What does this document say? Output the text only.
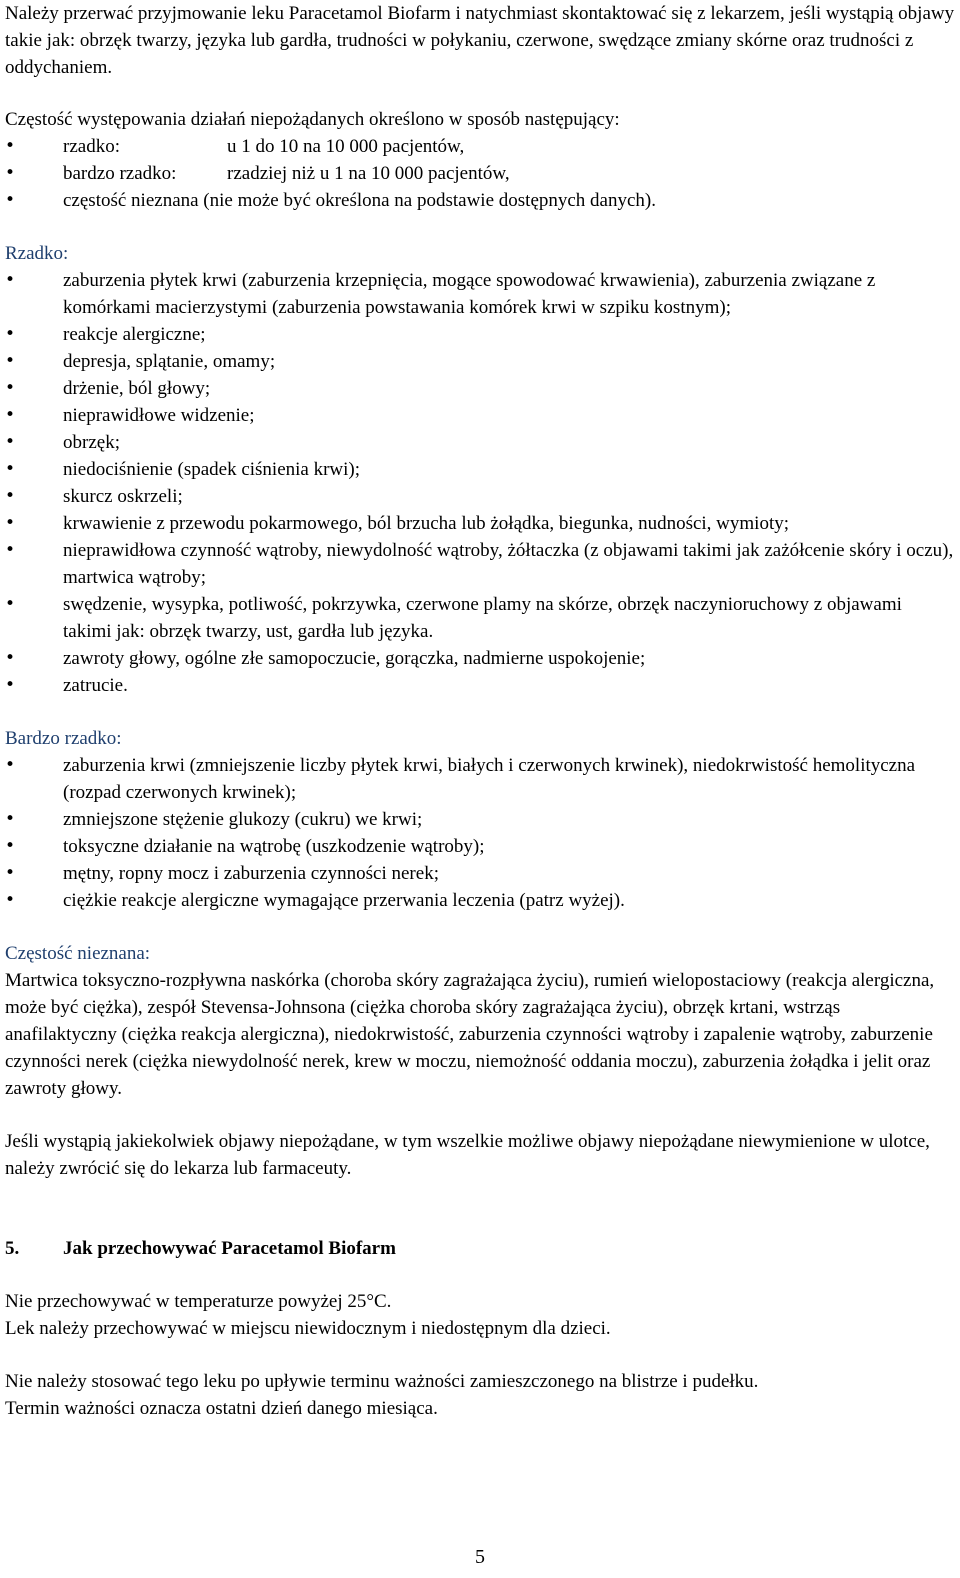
Należy przerwać przyjmowanie leku Paracetamol Biofarm i natychmiast skontaktować się z lekarzem, jeśli wystąpią objawy takie jak: obrzęk twarzy, języka lub gardła, trudności w połykaniu, czerwone, swędzące zmiany skórne oraz trudności z oddychaniem.

Częstość występowania działań niepożądanych określono w sposób następujący:

• rzadko:	u 1 do 10 na 10 000 pacjentów,
• bardzo rzadko:	rzadziej niż u 1 na 10 000 pacjentów,
• częstość nieznana (nie może być określona na podstawie dostępnych danych).

Rzadko:

• zaburzenia płytek krwi (zaburzenia krzepnięcia, mogące spowodować krwawienia), zaburzenia związane z komórkami macierzystymi (zaburzenia powstawania komórek krwi w szpiku kostnym);
• reakcje alergiczne;
• depresja, splątanie, omamy;
• drżenie, ból głowy;
• nieprawidłowe widzenie;
• obrzęk;
• niedociśnienie (spadek ciśnienia krwi);
• skurcz oskrzeli;
• krwawienie z przewodu pokarmowego, ból brzucha lub żołądka, biegunka, nudności, wymioty;
• nieprawidłowa czynność wątroby, niewydolność wątroby, żółtaczka (z objawami takimi jak zażółcenie skóry i oczu), martwica wątroby;
• swędzenie, wysypka, potliwość, pokrzywka, czerwone plamy na skórze, obrzęk naczynioruchowy z objawami takimi jak: obrzęk twarzy, ust, gardła lub języka.
• zawroty głowy, ogólne złe samopoczucie, gorączka, nadmierne uspokojenie;
• zatrucie.

Bardzo rzadko:

• zaburzenia krwi (zmniejszenie liczby płytek krwi, białych i czerwonych krwinek), niedokrwistość hemolityczna (rozpad czerwonych krwinek);
• zmniejszone stężenie glukozy (cukru) we krwi;
• toksyczne działanie na wątrobę (uszkodzenie wątroby);
• mętny, ropny mocz i zaburzenia czynności nerek;
• ciężkie reakcje alergiczne wymagające przerwania leczenia (patrz wyżej).

Częstość nieznana:

Martwica toksyczno-rozpływna naskórka (choroba skóry zagrażająca życiu), rumień wielopostaciowy (reakcja alergiczna, może być ciężka), zespół Stevensa-Johnsona (ciężka choroba skóry zagrażająca życiu), obrzęk krtani, wstrząs anafilaktyczny (ciężka reakcja alergiczna), niedokrwistość, zaburzenia czynności wątroby i zapalenie wątroby, zaburzenie czynności nerek (ciężka niewydolność nerek, krew w moczu, niemożność oddania moczu), zaburzenia żołądka i jelit oraz zawroty głowy.

Jeśli wystąpią jakiekolwiek objawy niepożądane, w tym wszelkie możliwe objawy niepożądane niewymienione w ulotce, należy zwrócić się do lekarza lub farmaceuty.

5.	Jak przechowywać Paracetamol Biofarm

Nie przechowywać w temperaturze powyżej 25°C.

Lek należy przechowywać w miejscu niewidocznym i niedostępnym dla dzieci.

Nie należy stosować tego leku po upływie terminu ważności zamieszczonego na blistrze i pudełku.

Termin ważności oznacza ostatni dzień danego miesiąca.

5
